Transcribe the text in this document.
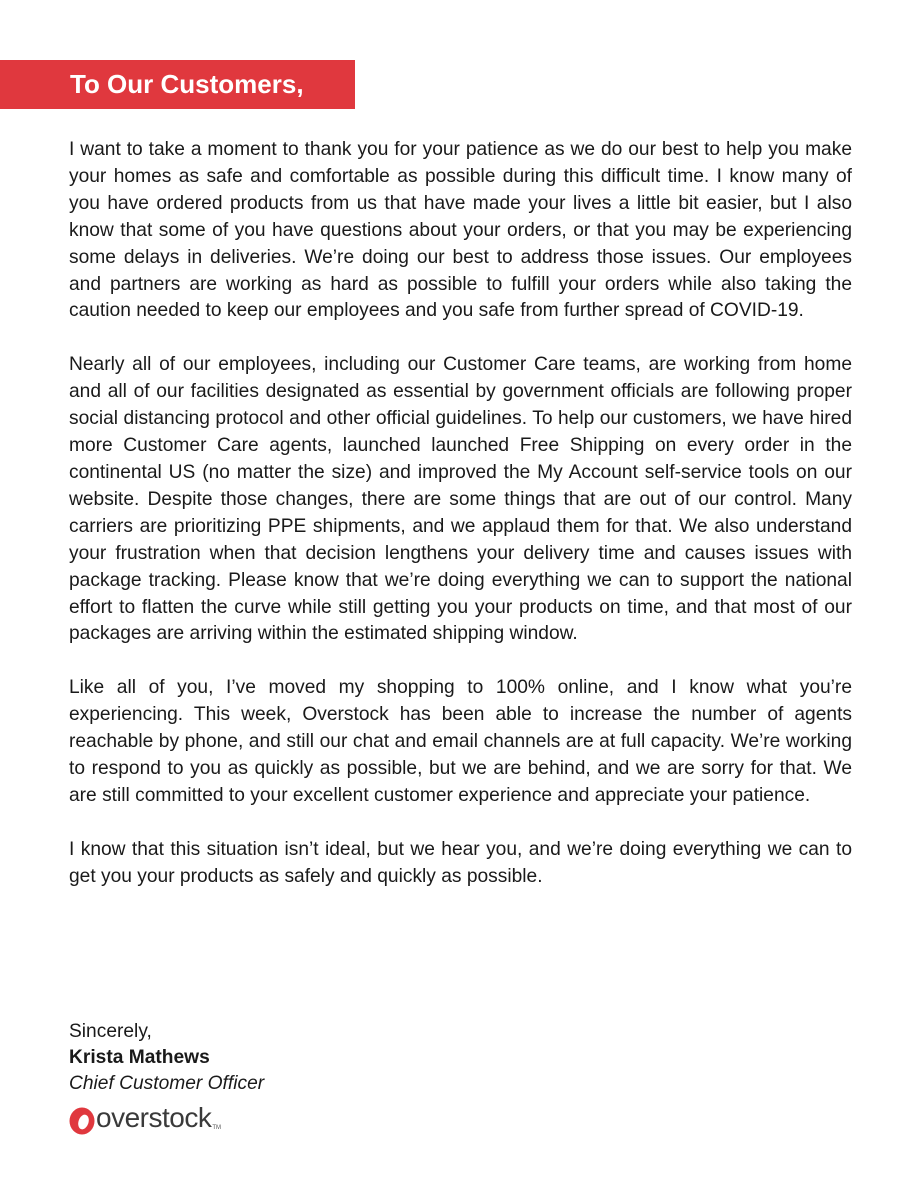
To Our Customers,

I want to take a moment to thank you for your patience as we do our best to help you make your homes as safe and comfortable as possible during this difficult time. I know many of you have ordered products from us that have made your lives a little bit easier, but I also know that some of you have questions about your orders, or that you may be experiencing some delays in deliveries. We’re doing our best to address those issues. Our employees and partners are working as hard as possible to fulfill your orders while also taking the caution needed to keep our employees and you safe from further spread of COVID-19.

Nearly all of our employees, including our Customer Care teams, are working from home and all of our facilities designated as essential by government officials are following proper social distancing protocol and other official guidelines. To help our customers, we have hired more Customer Care agents, launched launched Free Shipping on every order in the continental US (no matter the size) and improved the My Account self-service tools on our website. Despite those changes, there are some things that are out of our control. Many carriers are prioritizing PPE shipments, and we applaud them for that. We also understand your frustration when that decision lengthens your delivery time and causes issues with package tracking. Please know that we’re doing everything we can to support the national effort to flatten the curve while still getting you your products on time, and that most of our packages are arriving within the estimated shipping window.

Like all of you, I’ve moved my shopping to 100% online, and I know what you’re experiencing. This week, Overstock has been able to increase the number of agents reachable by phone, and still our chat and email channels are at full capacity. We’re working to respond to you as quickly as possible, but we are behind, and we are sorry for that. We are still committed to your excellent customer experience and appreciate your patience.

I know that this situation isn’t ideal, but we hear you, and we’re doing everything we can to get you your products as safely and quickly as possible.

Sincerely,
Krista Mathews
Chief Customer Officer
overstock TM
